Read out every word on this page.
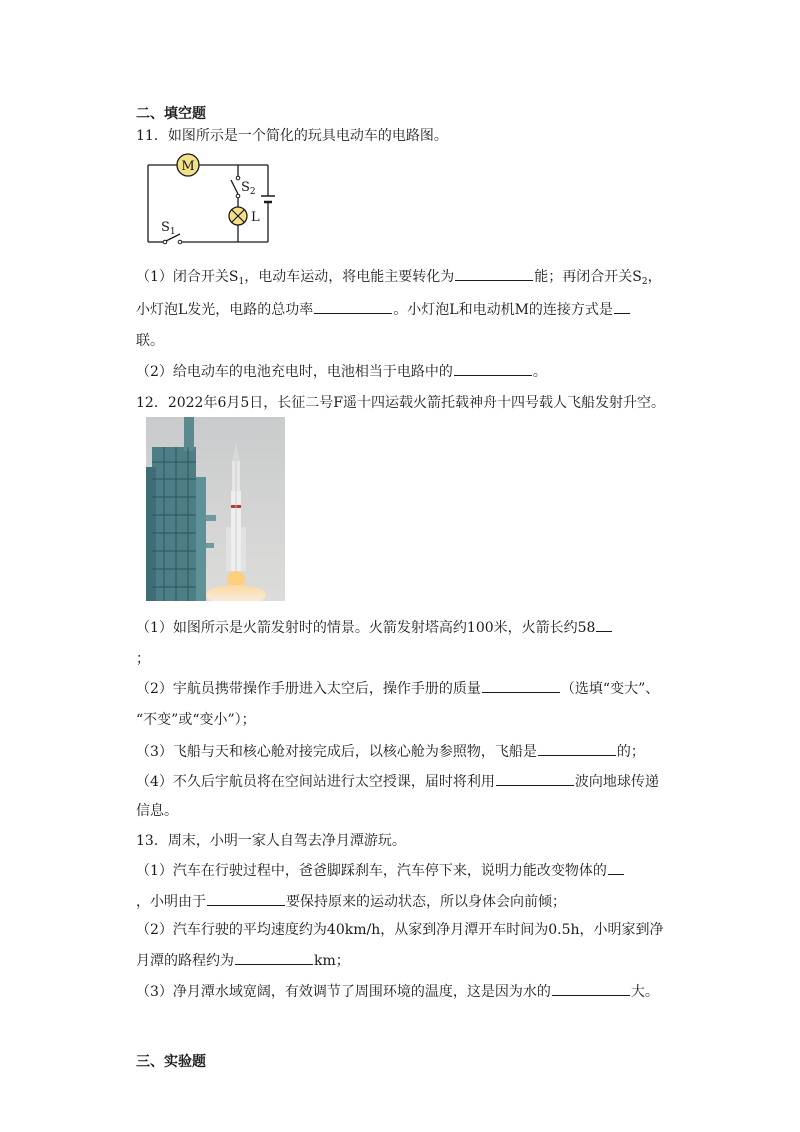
二、填空题
11．如图所示是一个简化的玩具电动车的电路图。
M
$S_2$
L
$S_1$
（1）闭合开关$S_1$，电动车运动，将电能主要转化为	能；再闭合开关$S_2$，
小灯泡L发光，电路的总功率	。小灯泡L和电动机M的连接方式是
联。
（2）给电动车的电池充电时，电池相当于电路中的	。
12．2022年6月5日，长征二号F遥十四运载火箭托载神舟十四号载人飞船发射升空。
（1）如图所示是火箭发射时的情景。火箭发射塔高约100米，火箭长约58
；
（2）宇航员携带操作手册进入太空后，操作手册的质量	（选填“变大”、
“不变”或“变小”）；
（3）飞船与天和核心舱对接完成后，以核心舱为参照物，飞船是	的；
（4）不久后宇航员将在空间站进行太空授课，届时将利用	波向地球传递
信息。
13．周末，小明一家人自驾去净月潭游玩。
（1）汽车在行驶过程中，爸爸脚踩刹车，汽车停下来，说明力能改变物体的
，小明由于	要保持原来的运动状态，所以身体会向前倾；
（2）汽车行驶的平均速度约为40km/h，从家到净月潭开车时间为0.5h，小明家到净
月潭的路程约为	km；
（3）净月潭水域宽阔，有效调节了周围环境的温度，这是因为水的	大。
三、实验题
